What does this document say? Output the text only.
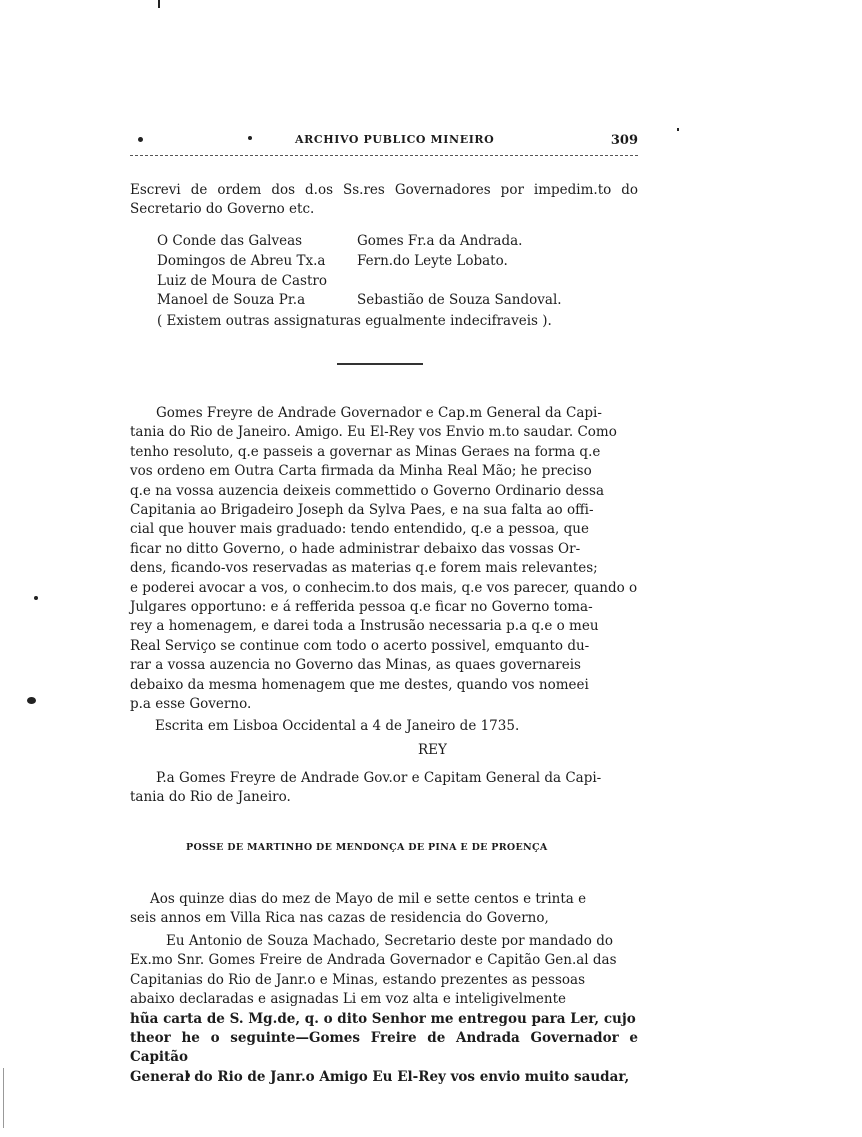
ARCHIVO PUBLICO MINEIRO	309
Escrevi de ordem dos d.os Ss.res Governadores por impedim.to do Secretario do Governo etc.
O Conde das Galveas	Gomes Fr.a da Andrada.
Domingos de Abreu Tx.a	Fern.do Leyte Lobato.
Luiz de Moura de Castro
Manoel de Souza Pr.a	Sebastião de Souza Sandoval.
( Existem outras assignaturas egualmente indecifraveis ).
Gomes Freyre de Andrade Governador e Cap.m General da Capi-
tania do Rio de Janeiro. Amigo. Eu El-Rey vos Envio m.to saudar. Como
tenho resoluto, q.e passeis a governar as Minas Geraes na forma q.e
vos ordeno em Outra Carta firmada da Minha Real Mão; he preciso
q.e na vossa auzencia deixeis commettido o Governo Ordinario dessa
Capitania ao Brigadeiro Joseph da Sylva Paes, e na sua falta ao offi-
cial que houver mais graduado: tendo entendido, q.e a pessoa, que
ficar no ditto Governo, o hade administrar debaixo das vossas Or-
dens, ficando-vos reservadas as materias q.e forem mais relevantes;
e poderei avocar a vos, o conhecim.to dos mais, q.e vos parecer, quando o
Julgares opportuno: e á refferida pessoa q.e ficar no Governo toma-
rey a homenagem, e darei toda a Instrusão necessaria p.a q.e o meu
Real Serviço se continue com todo o acerto possivel, emquanto du-
rar a vossa auzencia no Governo das Minas, as quaes governareis
debaixo da mesma homenagem que me destes, quando vos nomeei
p.a esse Governo.
Escrita em Lisboa Occidental a 4 de Janeiro de 1735.
REY
P.a Gomes Freyre de Andrade Gov.or e Capitam General da Capi-
tania do Rio de Janeiro.
POSSE DE MARTINHO DE MENDONÇA DE PINA E DE PROENÇA
Aos quinze dias do mez de Mayo de mil e sette centos e trinta e
seis annos em Villa Rica nas cazas de residencia do Governo,
Eu Antonio de Souza Machado, Secretario deste por mandado do
Ex.mo Snr. Gomes Freire de Andrada Governador e Capitão Gen.al das
Capitanias do Rio de Janr.o e Minas, estando prezentes as pessoas
abaixo declaradas e asignadas Li em voz alta e inteligivelmente
hũa carta de S. Mg.de, q. o dito Senhor me entregou para Ler, cujo
theor he o seguinte—Gomes Freire de Andrada Governador e Capitão
General do Rio de Janr.o Amigo Eu El-Rey vos envio muito saudar,
